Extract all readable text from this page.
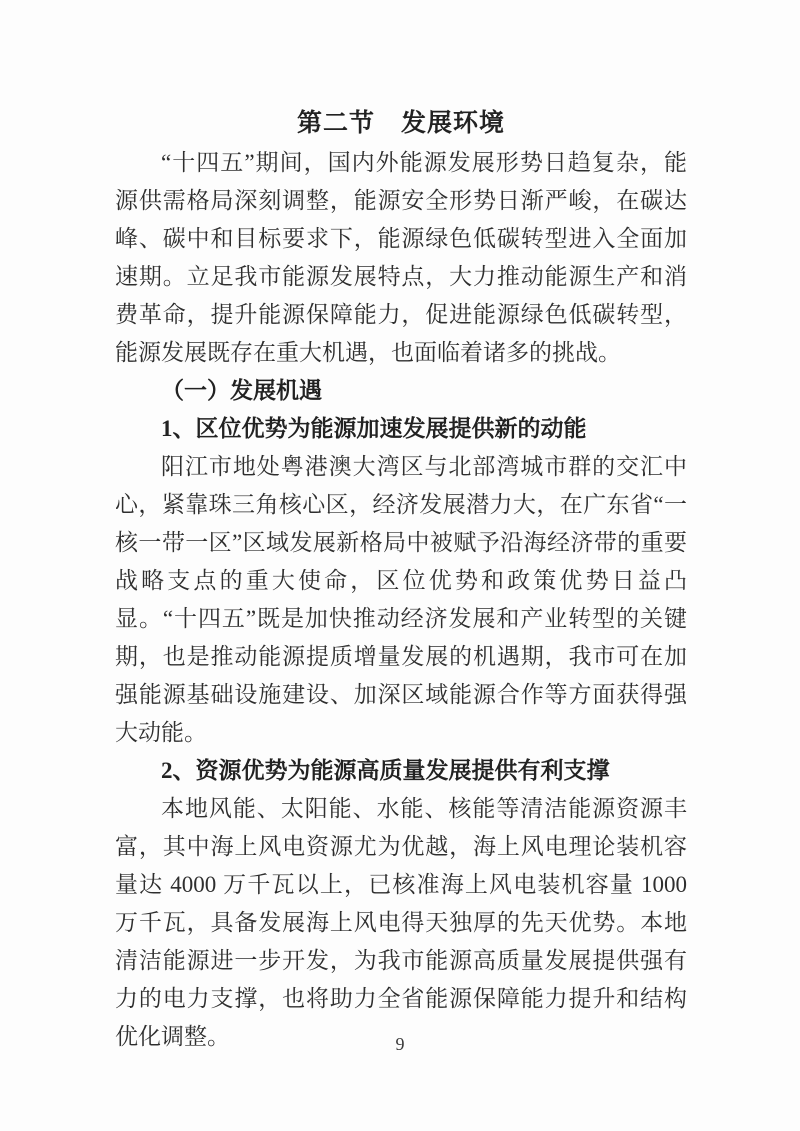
第二节　发展环境

“十四五”期间，国内外能源发展形势日趋复杂，能源供需格局深刻调整，能源安全形势日渐严峻，在碳达峰、碳中和目标要求下，能源绿色低碳转型进入全面加速期。立足我市能源发展特点，大力推动能源生产和消费革命，提升能源保障能力，促进能源绿色低碳转型，能源发展既存在重大机遇，也面临着诸多的挑战。

（一）发展机遇

1、区位优势为能源加速发展提供新的动能

阳江市地处粤港澳大湾区与北部湾城市群的交汇中心，紧靠珠三角核心区，经济发展潜力大，在广东省“一核一带一区”区域发展新格局中被赋予沿海经济带的重要战略支点的重大使命，区位优势和政策优势日益凸显。“十四五”既是加快推动经济发展和产业转型的关键期，也是推动能源提质增量发展的机遇期，我市可在加强能源基础设施建设、加深区域能源合作等方面获得强大动能。

2、资源优势为能源高质量发展提供有利支撑

本地风能、太阳能、水能、核能等清洁能源资源丰富，其中海上风电资源尤为优越，海上风电理论装机容量达 4000 万千瓦以上，已核准海上风电装机容量 1000 万千瓦，具备发展海上风电得天独厚的先天优势。本地清洁能源进一步开发，为我市能源高质量发展提供强有力的电力支撑，也将助力全省能源保障能力提升和结构优化调整。	9
